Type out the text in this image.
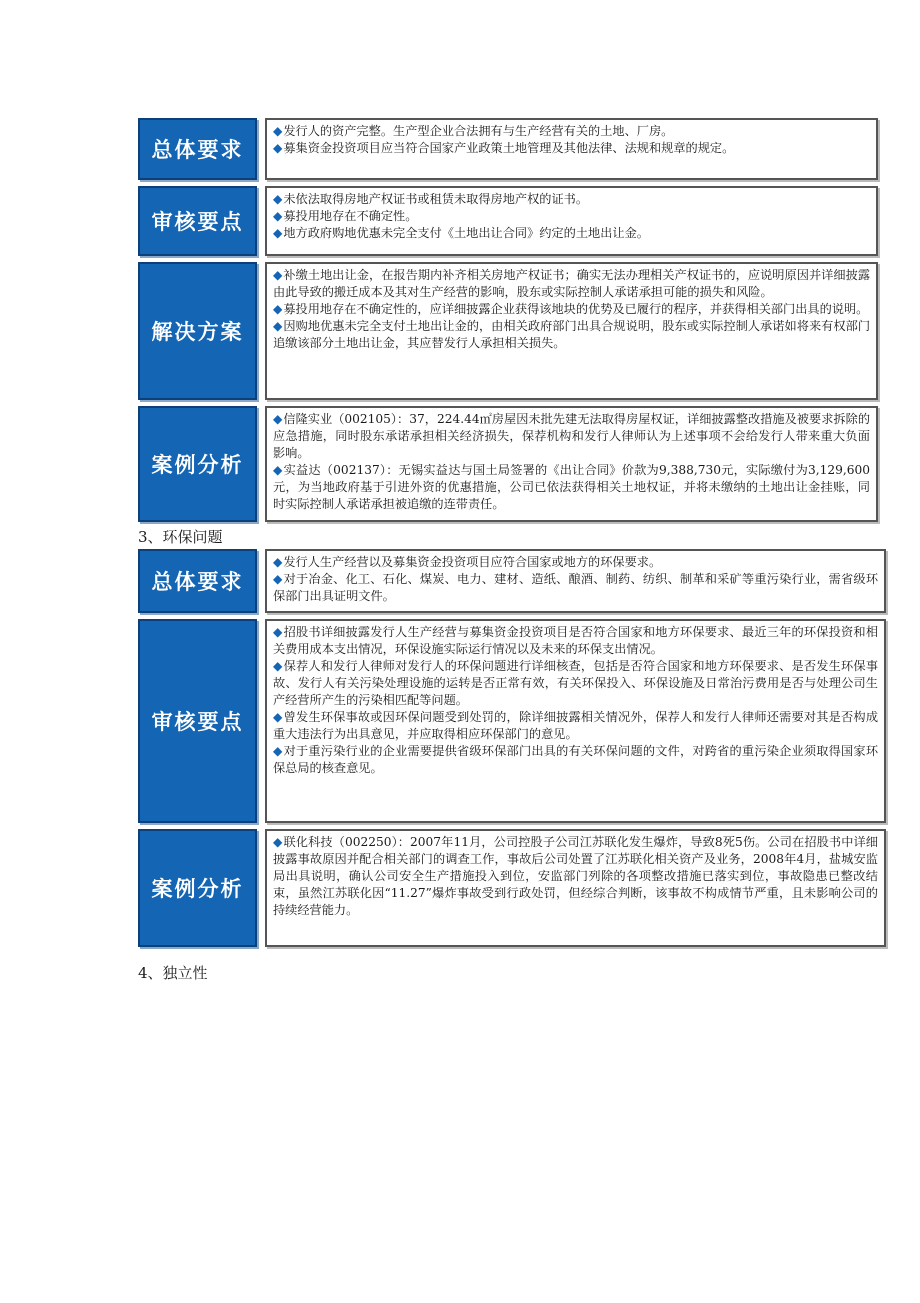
总体要求

◆发行人的资产完整。生产型企业合法拥有与生产经营有关的土地、厂房。

◆募集资金投资项目应当符合国家产业政策土地管理及其他法律、法规和规章的规定。

审核要点

◆未依法取得房地产权证书或租赁未取得房地产权的证书。

◆募投用地存在不确定性。

◆地方政府购地优惠未完全支付《土地出让合同》约定的土地出让金。

解决方案

◆补缴土地出让金，在报告期内补齐相关房地产权证书；确实无法办理相关产权证书的，应说明原因并详细披露由此导致的搬迁成本及其对生产经营的影响，股东或实际控制人承诺承担可能的损失和风险。

◆募投用地存在不确定性的，应详细披露企业获得该地块的优势及已履行的程序，并获得相关部门出具的说明。

◆因购地优惠未完全支付土地出让金的，由相关政府部门出具合规说明，股东或实际控制人承诺如将来有权部门追缴该部分土地出让金，其应替发行人承担相关损失。

案例分析

◆信隆实业（002105）：37，224.44㎡房屋因未批先建无法取得房屋权证，详细披露整改措施及被要求拆除的应急措施，同时股东承诺承担相关经济损失，保荐机构和发行人律师认为上述事项不会给发行人带来重大负面影响。

◆实益达（002137）：无锡实益达与国土局签署的《出让合同》价款为9,388,730元，实际缴付为3,129,600元，为当地政府基于引进外资的优惠措施，公司已依法获得相关土地权证，并将未缴纳的土地出让金挂账，同时实际控制人承诺承担被追缴的连带责任。

3、环保问题
总体要求

◆发行人生产经营以及募集资金投资项目应符合国家或地方的环保要求。

◆对于冶金、化工、石化、煤炭、电力、建材、造纸、酿酒、制药、纺织、制革和采矿等重污染行业，需省级环保部门出具证明文件。

审核要点

◆招股书详细披露发行人生产经营与募集资金投资项目是否符合国家和地方环保要求、最近三年的环保投资和相关费用成本支出情况，环保设施实际运行情况以及未来的环保支出情况。

◆保荐人和发行人律师对发行人的环保问题进行详细核查，包括是否符合国家和地方环保要求、是否发生环保事故、发行人有关污染处理设施的运转是否正常有效，有关环保投入、环保设施及日常治污费用是否与处理公司生产经营所产生的污染相匹配等问题。

◆曾发生环保事故或因环保问题受到处罚的，除详细披露相关情况外，保荐人和发行人律师还需要对其是否构成重大违法行为出具意见，并应取得相应环保部门的意见。

◆对于重污染行业的企业需要提供省级环保部门出具的有关环保问题的文件，对跨省的重污染企业须取得国家环保总局的核查意见。

案例分析

◆联化科技（002250）：2007年11月，公司控股子公司江苏联化发生爆炸，导致8死5伤。公司在招股书中详细披露事故原因并配合相关部门的调查工作，事故后公司处置了江苏联化相关资产及业务，2008年4月，盐城安监局出具说明，确认公司安全生产措施投入到位，安监部门列除的各项整改措施已落实到位，事故隐患已整改结束，虽然江苏联化因“11.27”爆炸事故受到行政处罚，但经综合判断，该事故不构成情节严重，且未影响公司的持续经营能力。

4、独立性
